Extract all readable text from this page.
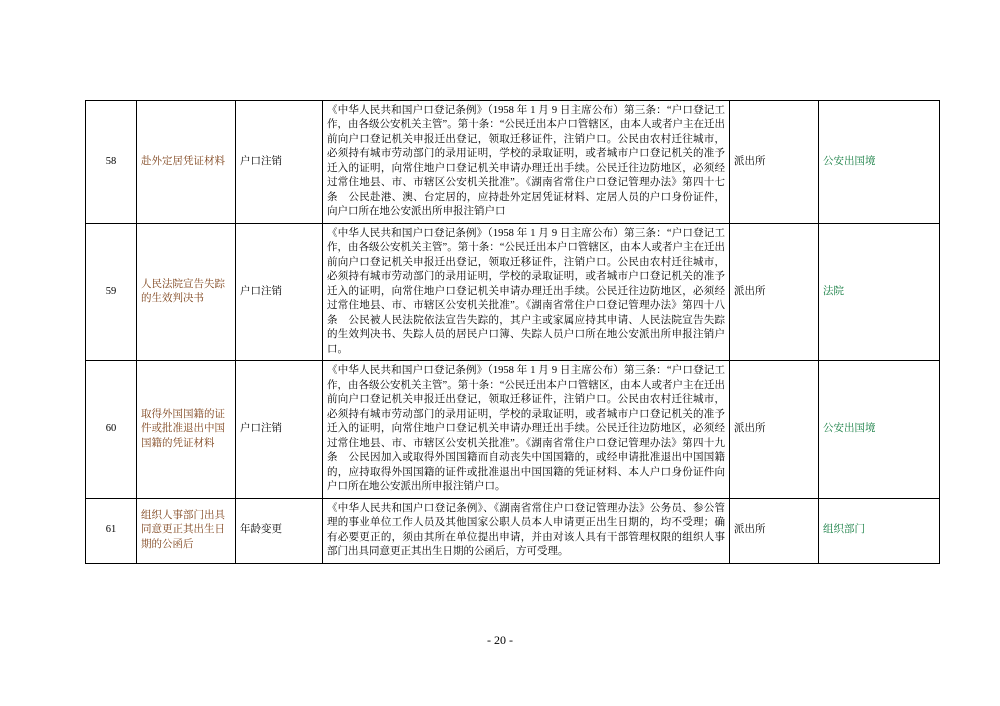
58	赴外定居凭证材料	户口注销	《中华人民共和国户口登记条例》（1958 年 1 月 9 日主席公布）第三条：“户口登记工作，由各级公安机关主管”。第十条：“公民迁出本户口管辖区，由本人或者户主在迁出前向户口登记机关申报迁出登记，领取迁移证件，注销户口。公民由农村迁往城市，必须持有城市劳动部门的录用证明，学校的录取证明，或者城市户口登记机关的准予迁入的证明，向常住地户口登记机关申请办理迁出手续。公民迁往边防地区，必须经过常住地县、市、市辖区公安机关批准”。《湖南省常住户口登记管理办法》第四十七条　公民赴港、澳、台定居的，应持赴外定居凭证材料、定居人员的户口身份证件，向户口所在地公安派出所申报注销户口	派出所	公安出国境
59	人民法院宣告失踪的生效判决书	户口注销	《中华人民共和国户口登记条例》（1958 年 1 月 9 日主席公布）第三条：“户口登记工作，由各级公安机关主管”。第十条：“公民迁出本户口管辖区，由本人或者户主在迁出前向户口登记机关申报迁出登记，领取迁移证件，注销户口。公民由农村迁往城市，必须持有城市劳动部门的录用证明，学校的录取证明，或者城市户口登记机关的准予迁入的证明，向常住地户口登记机关申请办理迁出手续。公民迁往边防地区，必须经过常住地县、市、市辖区公安机关批准”。《湖南省常住户口登记管理办法》第四十八条　公民被人民法院依法宣告失踪的，其户主或家属应持其申请、人民法院宣告失踪的生效判决书、失踪人员的居民户口簿、失踪人员户口所在地公安派出所申报注销户口。	派出所	法院
60	取得外国国籍的证件或批准退出中国国籍的凭证材料	户口注销	《中华人民共和国户口登记条例》（1958 年 1 月 9 日主席公布）第三条：“户口登记工作，由各级公安机关主管”。第十条：“公民迁出本户口管辖区，由本人或者户主在迁出前向户口登记机关申报迁出登记，领取迁移证件，注销户口。公民由农村迁往城市，必须持有城市劳动部门的录用证明，学校的录取证明，或者城市户口登记机关的准予迁入的证明，向常住地户口登记机关申请办理迁出手续。公民迁往边防地区，必须经过常住地县、市、市辖区公安机关批准”。《湖南省常住户口登记管理办法》第四十九条　公民因加入或取得外国国籍而自动丧失中国国籍的，或经申请批准退出中国国籍的，应持取得外国国籍的证件或批准退出中国国籍的凭证材料、本人户口身份证件向户口所在地公安派出所申报注销户口。	派出所	公安出国境
61	组织人事部门出具同意更正其出生日期的公函后	年龄变更	《中华人民共和国户口登记条例》、《湖南省常住户口登记管理办法》公务员、参公管理的事业单位工作人员及其他国家公职人员本人申请更正出生日期的，均不受理；确有必要更正的，须由其所在单位提出申请，并由对该人具有干部管理权限的组织人事部门出具同意更正其出生日期的公函后，方可受理。	派出所	组织部门
- 20 -
